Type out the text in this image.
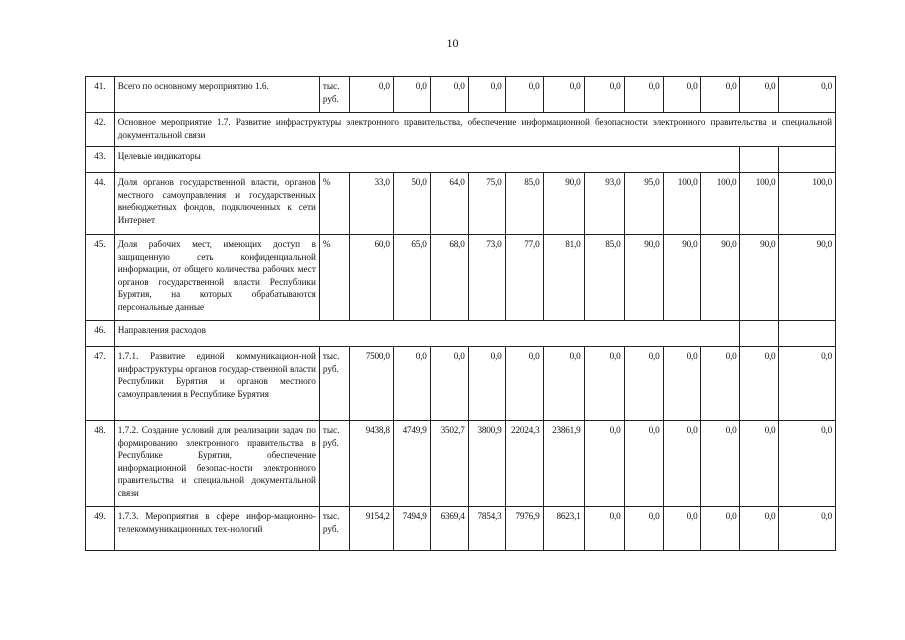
10
41.	Всего по основному мероприятию 1.6.	тыс. руб.	0,0	0,0	0,0	0,0	0,0	0,0	0,0	0,0	0,0	0,0	0,0	0,0
42.	Основное мероприятие 1.7. Развитие инфраструктуры электронного правительства, обеспечение информационной безопасности электронного правительства и специальной документальной связи													
43.	Целевые индикаторы													
44.	Доля органов государственной власти, органов местного самоуправления и государственных внебюджетных фондов, подключенных к сети Интернет	%	33,0	50,0	64,0	75,0	85,0	90,0	93,0	95,0	100,0	100,0	100,0	100,0
45.	Доля рабочих мест, имеющих доступ в защищенную сеть конфиденциальной информации, от общего количества рабочих мест органов государственной власти Республики Бурятия, на которых обрабатываются персональные данные	%	60,0	65,0	68,0	73,0	77,0	81,0	85,0	90,0	90,0	90,0	90,0	90,0
46.	Направления расходов													
47.	1.7.1. Развитие единой коммуникацион-ной инфраструктуры органов государ-ственной власти Республики Бурятия и органов местного самоуправления в Республике Бурятия	тыс. руб.	7500,0	0,0	0,0	0,0	0,0	0,0	0,0	0,0	0,0	0,0	0,0	0,0
48.	1.7.2. Создание условий для реализации задач по формированию электронного правительства в Республике Бурятия, обеспечение информационной безопас-ности электронного правительства и специальной документальной связи	тыс. руб.	9438,8	4749,9	3502,7	3800,9	22024,3	23861,9	0,0	0,0	0,0	0,0	0,0	0,0
49.	1.7.3. Мероприятия в сфере инфор-мационно-телекоммуникационных тех-нологий	тыс. руб.	9154,2	7494,9	6369,4	7854,3	7976,9	8623,1	0,0	0,0	0,0	0,0	0,0	0,0
